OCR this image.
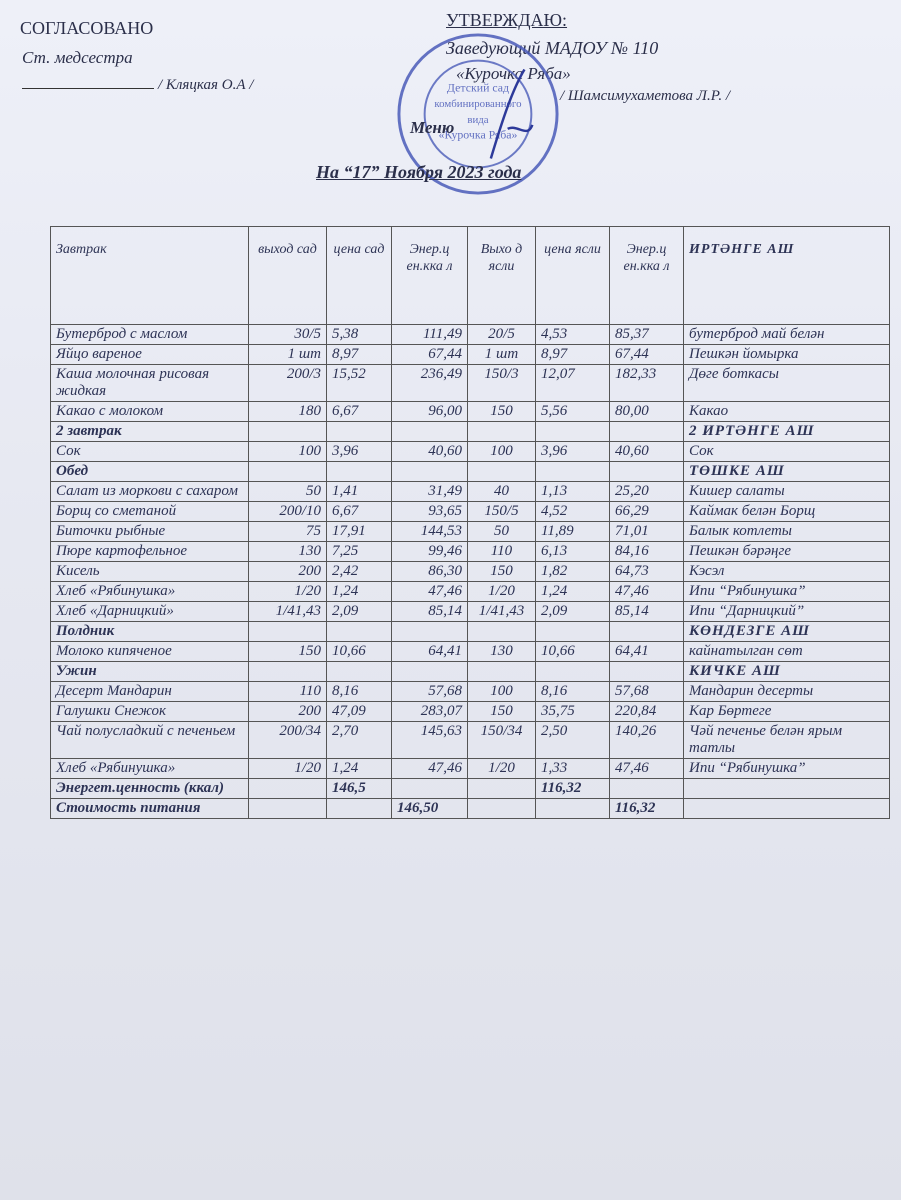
СОГЛАСОВАНО
Ст. медсестра
/ Кляцкая О.А /
УТВЕРЖДАЮ:
Заведующий МАДОУ № 110
«Курочка Ряба»
/ Шамсимухаметова Л.Р. /
Детский сад
комбинированного
вида
«Курочка Ряба»
Меню
На “17” Ноября 2023 года
Завтрак	выход сад	цена сад	Энер.ц ен.кка л	Выхо д ясли	цена ясли	Энер.ц ен.кка л	ИРТӘНГЕ АШ
Бутерброд с маслом	30/5	5,38	111,49	20/5	4,53	85,37	бутерброд май белән
Яйцо вареное	1 шт	8,97	67,44	1 шт	8,97	67,44	Пешкән йомырка
Каша молочная рисовая жидкая	200/3	15,52	236,49	150/3	12,07	182,33	Дөге боткасы
Какао с молоком	180	6,67	96,00	150	5,56	80,00	Какао
2 завтрак							2 ИРТӘНГЕ АШ
Сок	100	3,96	40,60	100	3,96	40,60	Сок
Обед							ТӨШКЕ АШ
Салат из моркови с сахаром	50	1,41	31,49	40	1,13	25,20	Кишер салаты
Борщ со сметаной	200/10	6,67	93,65	150/5	4,52	66,29	Каймак белән Борщ
Биточки рыбные	75	17,91	144,53	50	11,89	71,01	Балык котлеты
Пюре картофельное	130	7,25	99,46	110	6,13	84,16	Пешкән бәрәңге
Кисель	200	2,42	86,30	150	1,82	64,73	Кэсэл
Хлеб «Рябинушка»	1/20	1,24	47,46	1/20	1,24	47,46	Ипи “Рябинушка”
Хлеб «Дарницкий»	1/41,43	2,09	85,14	1/41,43	2,09	85,14	Ипи “Дарницкий”
Полдник							КӨНДЕЗГЕ АШ
Молоко кипяченое	150	10,66	64,41	130	10,66	64,41	кайнатылган сөт
Ужин							КИЧКЕ АШ
Десерт Мандарин	110	8,16	57,68	100	8,16	57,68	Мандарин десерты
Галушки Снежок	200	47,09	283,07	150	35,75	220,84	Кар Бөртеге
Чай полусладкий с печеньем	200/34	2,70	145,63	150/34	2,50	140,26	Чәй печенье белән ярым татлы
Хлеб «Рябинушка»	1/20	1,24	47,46	1/20	1,33	47,46	Ипи “Рябинушка”
Энергет.ценность (ккал)		146,5			116,32		
Стоимость питания			146,50			116,32	
